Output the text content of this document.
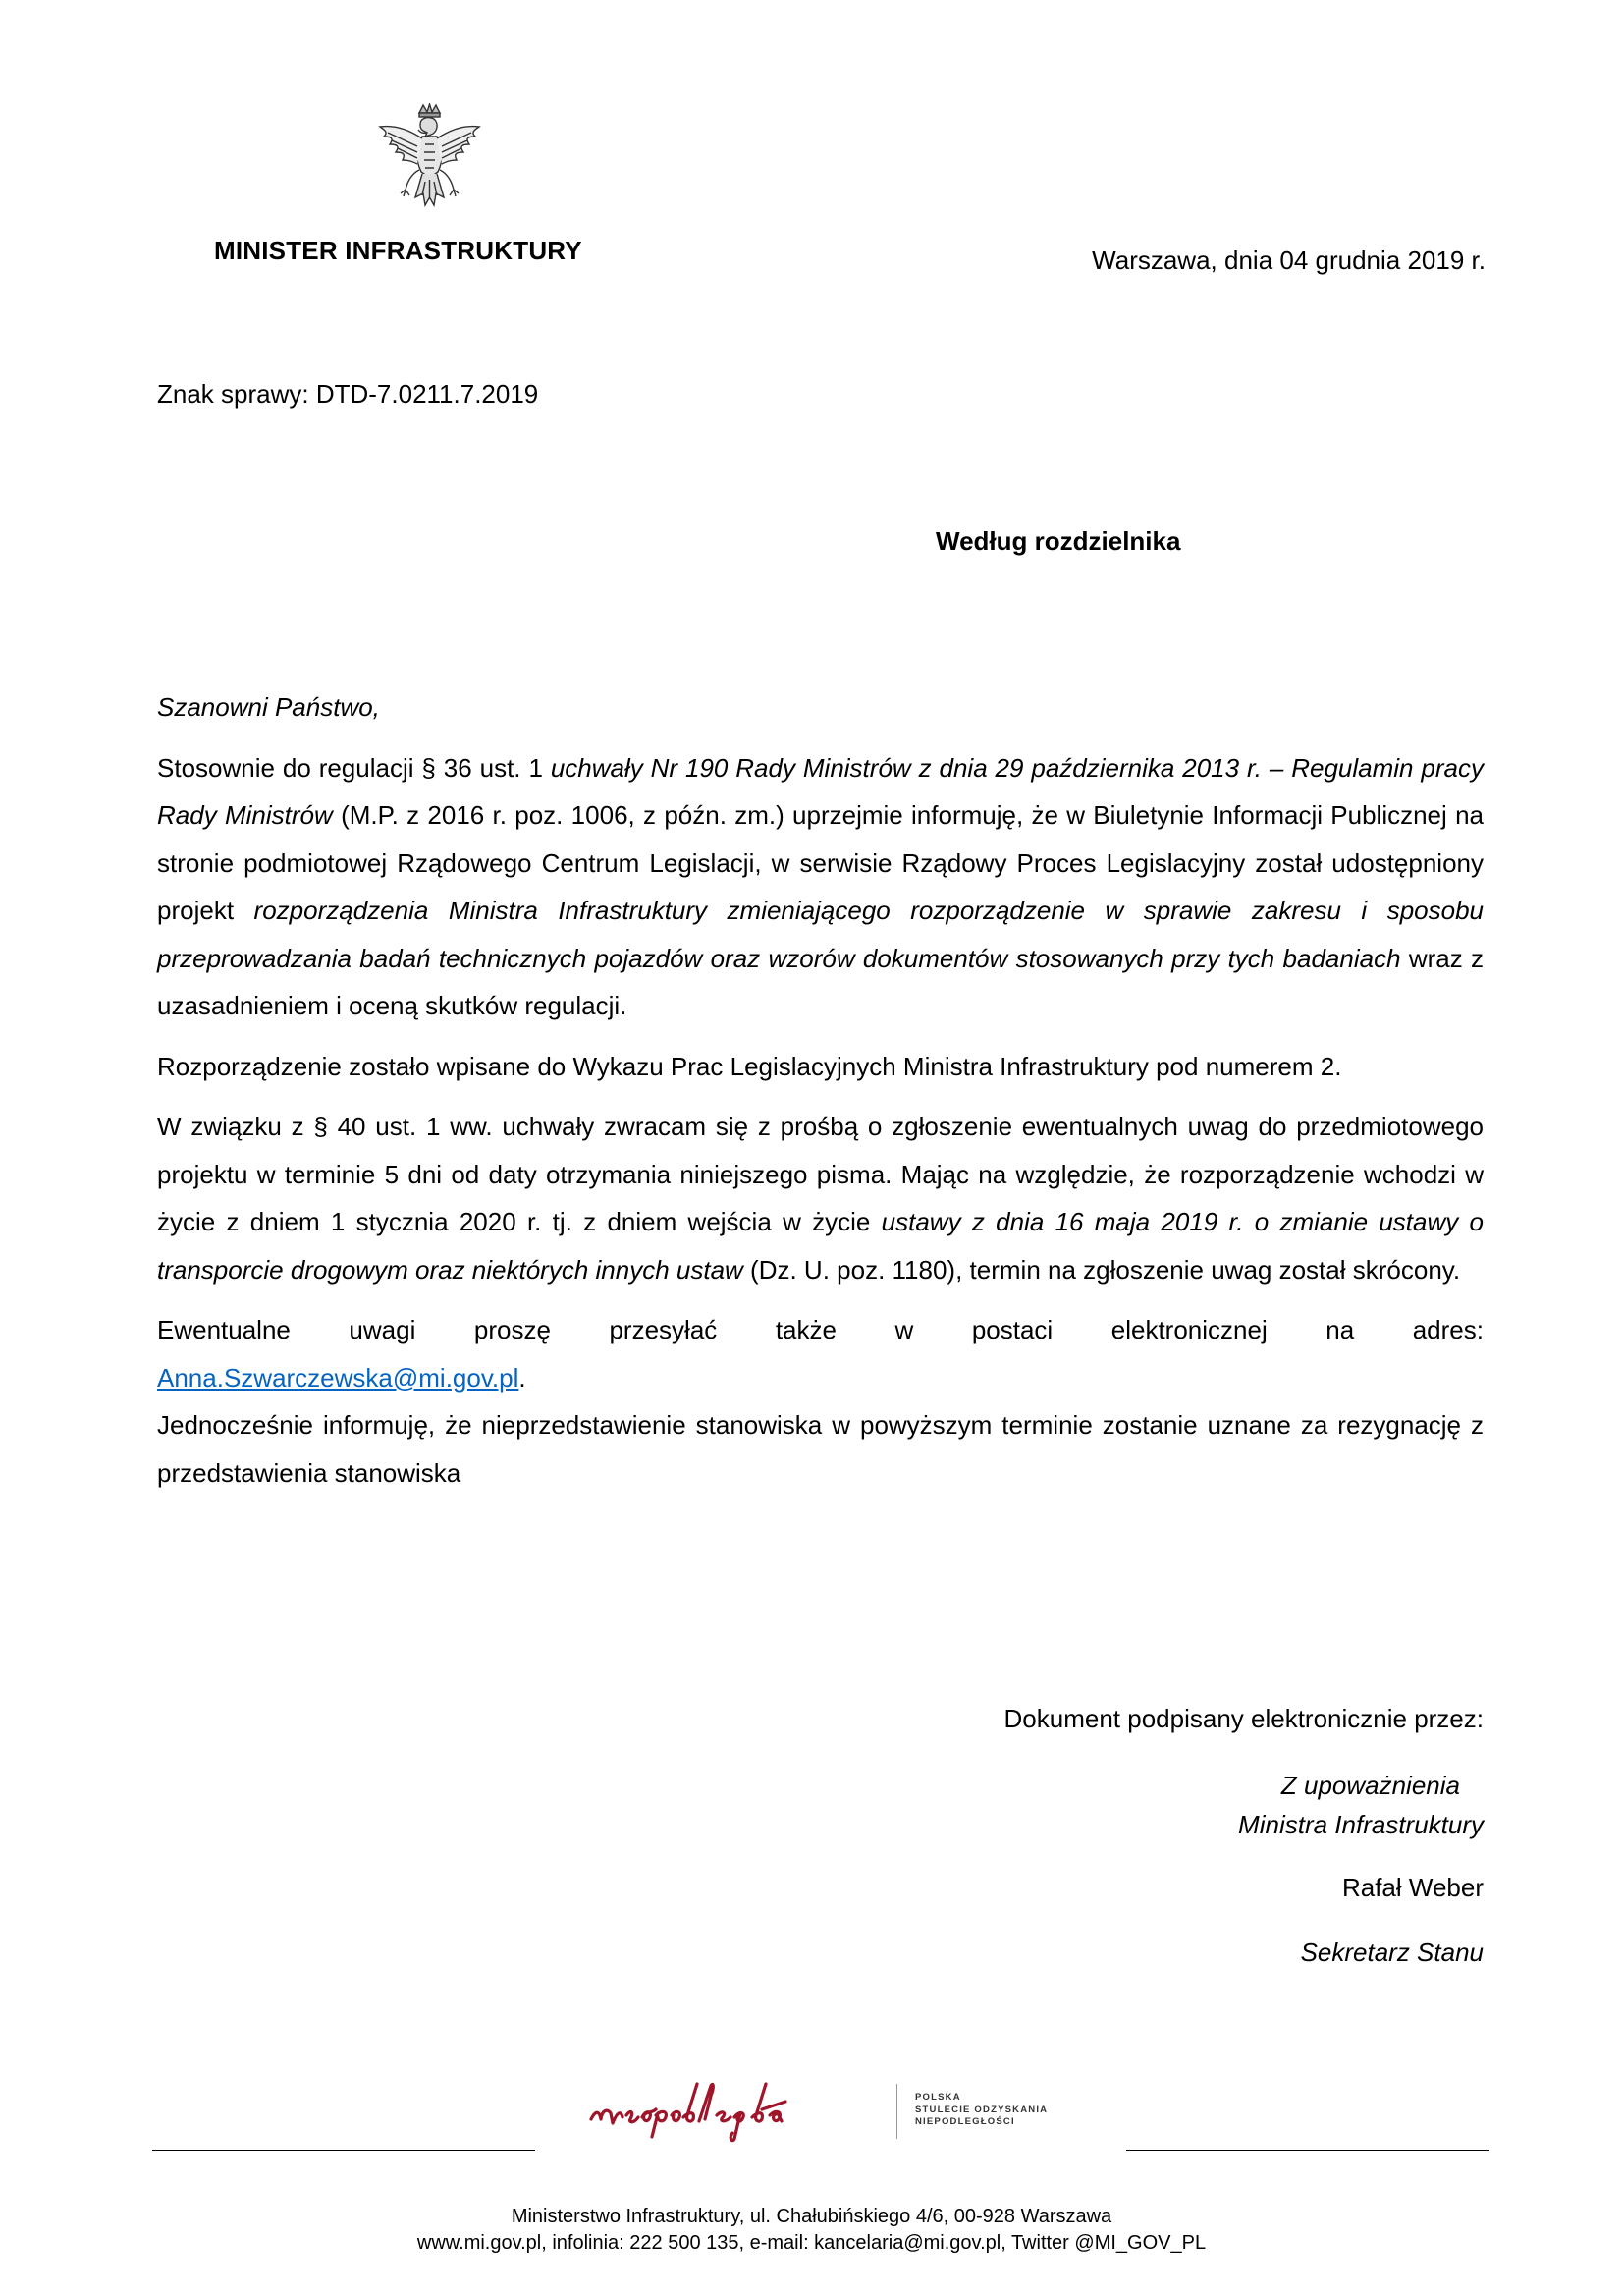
MINISTER INFRASTRUKTURY	Warszawa, dnia 04 grudnia 2019 r.
Znak sprawy: DTD-7.0211.7.2019
Według rozdzielnika

Szanowni Państwo,

Stosownie do regulacji § 36 ust. 1 uchwały Nr 190 Rady Ministrów z dnia 29 października 2013 r. – Regulamin pracy Rady Ministrów (M.P. z 2016 r. poz. 1006, z późn. zm.) uprzejmie informuję, że w Biuletynie Informacji Publicznej na stronie podmiotowej Rządowego Centrum Legislacji, w serwisie Rządowy Proces Legislacyjny został udostępniony projekt rozporządzenia Ministra Infrastruktury zmieniającego rozporządzenie w sprawie zakresu i sposobu przeprowadzania badań technicznych pojazdów oraz wzorów dokumentów stosowanych przy tych badaniach wraz z uzasadnieniem i oceną skutków regulacji.

Rozporządzenie zostało wpisane do Wykazu Prac Legislacyjnych Ministra Infrastruktury pod numerem 2.

W związku z § 40 ust. 1 ww. uchwały zwracam się z prośbą o zgłoszenie ewentualnych uwag do przedmiotowego projektu w terminie 5 dni od daty otrzymania niniejszego pisma. Mając na względzie, że rozporządzenie wchodzi w życie z dniem 1 stycznia 2020 r. tj. z dniem wejścia w życie ustawy z dnia 16 maja 2019 r. o zmianie ustawy o transporcie drogowym oraz niektórych innych ustaw (Dz. U. poz. 1180), termin na zgłoszenie uwag został skrócony.

Ewentualne uwagi proszę przesyłać także w postaci elektronicznej na adres:

Anna.Szwarczewska@mi.gov.pl.

Jednocześnie informuję, że nieprzedstawienie stanowiska w powyższym terminie zostanie uznane za rezygnację z przedstawienia stanowiska

Dokument podpisany elektronicznie przez:
Z upoważnienia
Ministra Infrastruktury
Rafał Weber
Sekretarz Stanu
POLSKA
STULECIE ODZYSKANIA
NIEPODLEGŁOŚCI
Ministerstwo Infrastruktury, ul. Chałubińskiego 4/6, 00-928 Warszawa
www.mi.gov.pl, infolinia: 222 500 135, e-mail: kancelaria@mi.gov.pl, Twitter @MI_GOV_PL
